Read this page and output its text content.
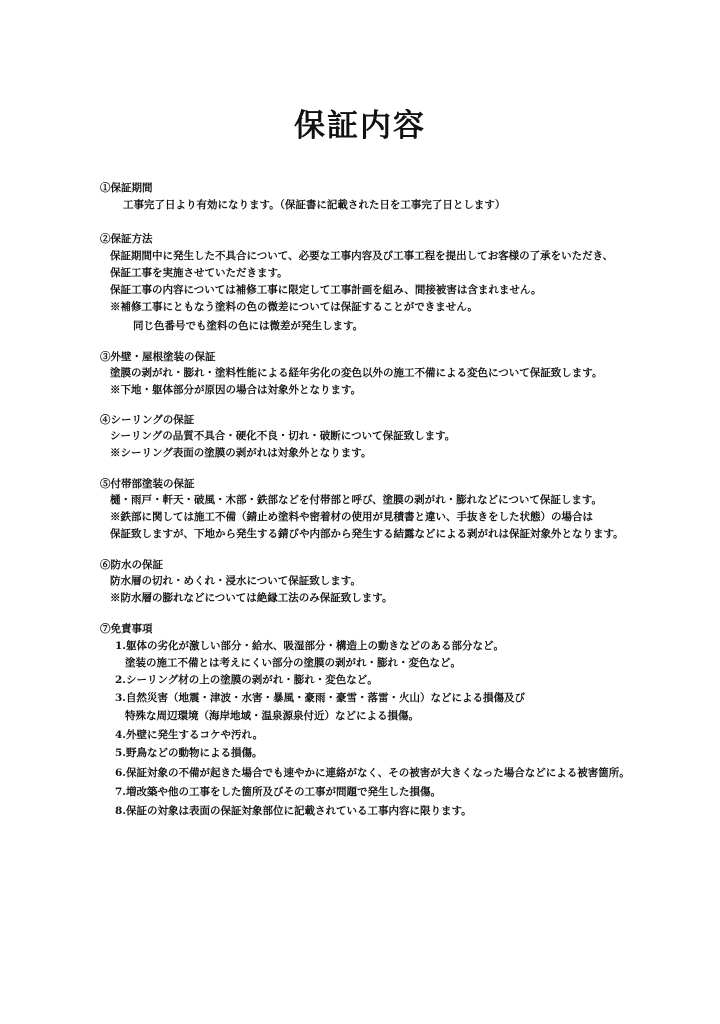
保証内容
①保証期間
工事完了日より有効になります。（保証書に記載された日を工事完了日とします）
②保証方法
保証期間中に発生した不具合について、必要な工事内容及び工事工程を提出してお客様の了承をいただき、
保証工事を実施させていただきます。
保証工事の内容については補修工事に限定して工事計画を組み、間接被害は含まれません。
※補修工事にともなう塗料の色の微差については保証することができません。
同じ色番号でも塗料の色には微差が発生します。
③外壁・屋根塗装の保証
塗膜の剥がれ・膨れ・塗料性能による経年劣化の変色以外の施工不備による変色について保証致します。
※下地・躯体部分が原因の場合は対象外となります。
④シーリングの保証
シーリングの品質不具合・硬化不良・切れ・破断について保証致します。
※シーリング表面の塗膜の剥がれは対象外となります。
⑤付帯部塗装の保証
樋・雨戸・軒天・破風・木部・鉄部などを付帯部と呼び、塗膜の剥がれ・膨れなどについて保証します。
※鉄部に関しては施工不備（錆止め塗料や密着材の使用が見積書と違い、手抜きをした状態）の場合は
保証致しますが、下地から発生する錆びや内部から発生する結露などによる剥がれは保証対象外となります。
⑥防水の保証
防水層の切れ・めくれ・浸水について保証致します。
※防水層の膨れなどについては絶縁工法のみ保証致します。
⑦免責事項
1.躯体の劣化が激しい部分・給水、吸湿部分・構造上の動きなどのある部分など。
塗装の施工不備とは考えにくい部分の塗膜の剥がれ・膨れ・変色など。
2.シーリング材の上の塗膜の剥がれ・膨れ・変色など。
3.自然災害（地震・津波・水害・暴風・豪雨・豪雪・落雷・火山）などによる損傷及び
特殊な周辺環境（海岸地域・温泉源泉付近）などによる損傷。
4.外壁に発生するコケや汚れ。
5.野鳥などの動物による損傷。
6.保証対象の不備が起きた場合でも速やかに連絡がなく、その被害が大きくなった場合などによる被害箇所。
7.増改築や他の工事をした箇所及びその工事が問題で発生した損傷。
8.保証の対象は表面の保証対象部位に記載されている工事内容に限ります。
